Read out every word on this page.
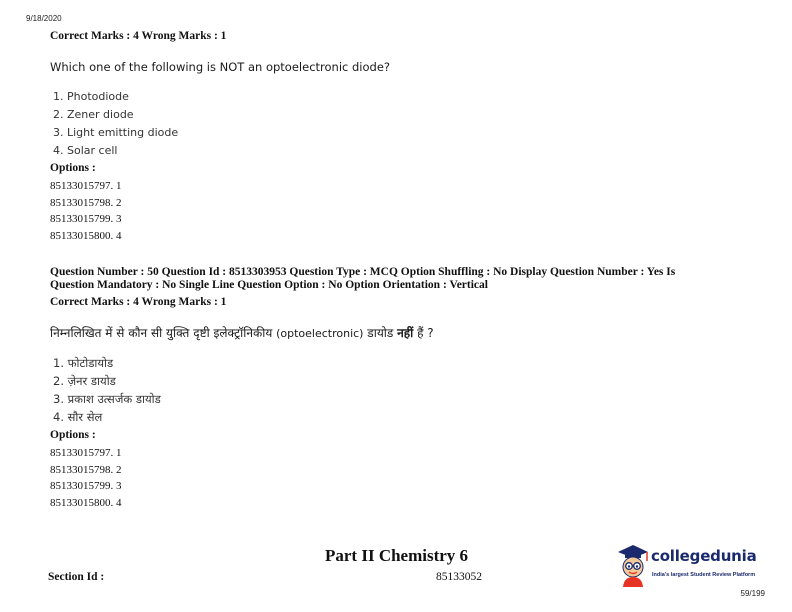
9/18/2020
Correct Marks : 4 Wrong Marks : 1
Which one of the following is NOT an optoelectronic diode?
1. Photodiode
2. Zener diode
3. Light emitting diode
4. Solar cell
Options :
85133015797. 1
85133015798. 2
85133015799. 3
85133015800. 4
Question Number : 50 Question Id : 8513303953 Question Type : MCQ Option Shuffling : No Display Question Number : Yes Is
Question Mandatory : No Single Line Question Option : No Option Orientation : Vertical
Correct Marks : 4 Wrong Marks : 1
निम्नलिखित में से कौन सी युक्ति दृष्टी इलेक्ट्रॉनिकीय (optoelectronic) डायोड नहीं हैं ?
1. फोटोडायोड
2. ज़ेनर डायोड
3. प्रकाश उत्सर्जक डायोड
4. सौर सेल
Options :
85133015797. 1
85133015798. 2
85133015799. 3
85133015800. 4
Part II Chemistry 6
Section Id :	85133052
collegedunia
India's largest Student Review Platform
59/199
